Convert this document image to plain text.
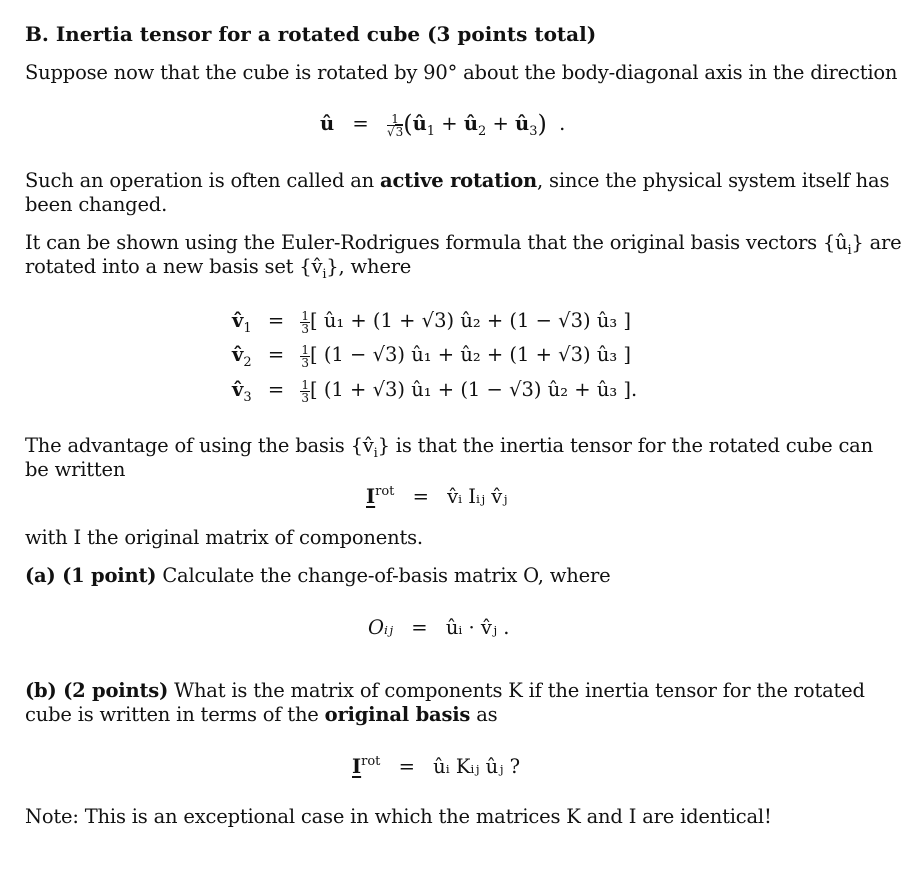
B. Inertia tensor for a rotated cube (3 points total)
Suppose now that the cube is rotated by 90° about the body-diagonal axis in the direction
û = $\frac{1}{√3}$ ($û_1$ + $û_2$ + $û_3$) .
Such an operation is often called an active rotation, since the physical system itself has
been changed.
It can be shown using the Euler-Rodrigues formula that the original basis vectors $\{û_i\}$ are
rotated into a new basis set $\{v̂_i\}$, where
$v̂_1 = \frac{1}{3}$ [ û₁ + (1 + √3) û₂ + (1 − √3) û₃ ]
$v̂_2 = \frac{1}{3}$ [ (1 − √3) û₁ + û₂ + (1 + √3) û₃ ]
$v̂_3 = \frac{1}{3}$ [ (1 + √3) û₁ + (1 − √3) û₂ + û₃ ].
The advantage of using the basis $\{v̂_i\}$ is that the inertia tensor for the rotated cube can
be written
$I^{rot}$ = v̂ᵢ Iᵢⱼ v̂ⱼ
with I the original matrix of components.
(a) (1 point) Calculate the change-of-basis matrix O, where
Oᵢⱼ = ûᵢ · v̂ⱼ .
(b) (2 points) What is the matrix of components K if the inertia tensor for the rotated
cube is written in terms of the original basis as
$I^{rot}$ = ûᵢ Kᵢⱼ ûⱼ ?
Note: This is an exceptional case in which the matrices K and I are identical!
